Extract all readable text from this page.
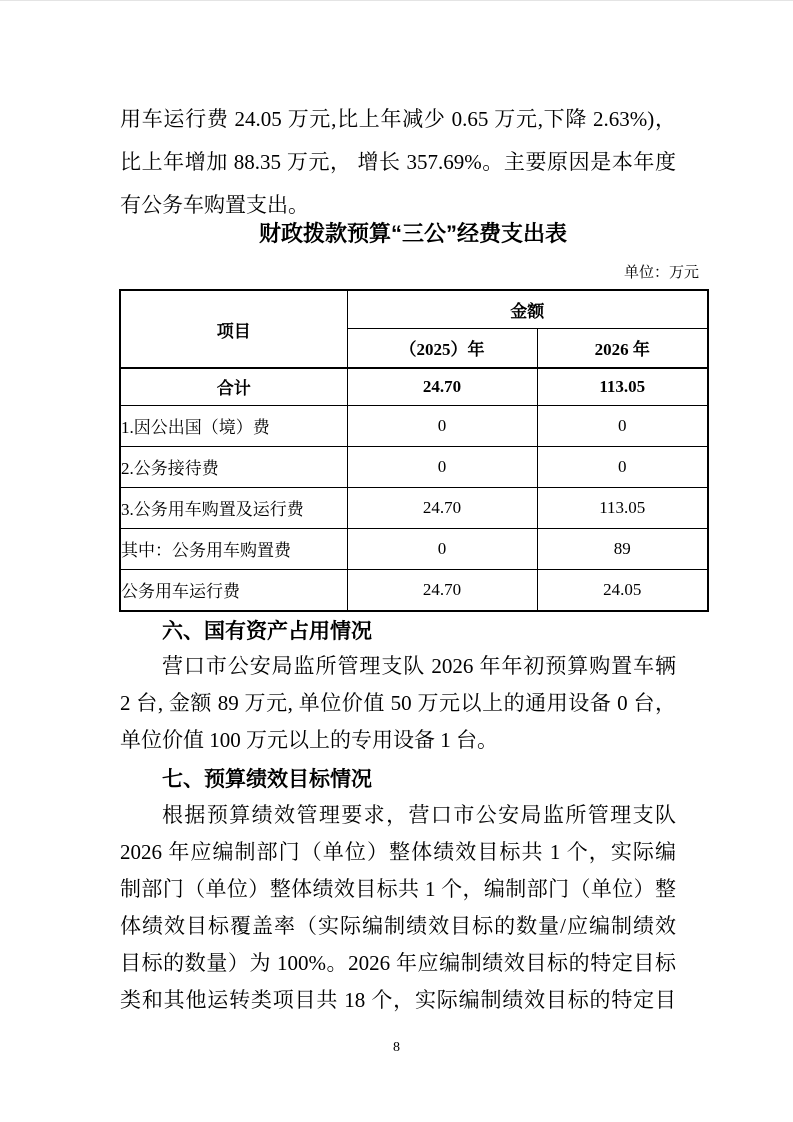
用车运行费 24.05 万元,比上年减少 0.65 万元,下降 2.63%)，
比上年增加 88.35 万元， 增长 357.69%。主要原因是本年度
有公务车购置支出。
财政拨款预算“三公”经费支出表
单位：万元
项目	金额	
	（2025）年	2026 年
合计	24.70	113.05
1.因公出国（境）费	0	0
2.公务接待费	0	0
3.公务用车购置及运行费	24.70	113.05
其中：公务用车购置费	0	89
公务用车运行费	24.70	24.05
六、国有资产占用情况
营口市公安局监所管理支队 2026 年年初预算购置车辆
2 台, 金额 89 万元, 单位价值 50 万元以上的通用设备 0 台，
单位价值 100 万元以上的专用设备 1 台。
七、预算绩效目标情况
根据预算绩效管理要求，营口市公安局监所管理支队
2026 年应编制部门（单位）整体绩效目标共 1 个，实际编
制部门（单位）整体绩效目标共 1 个，编制部门（单位）整
体绩效目标覆盖率（实际编制绩效目标的数量/应编制绩效
目标的数量）为 100%。2026 年应编制绩效目标的特定目标
类和其他运转类项目共 18 个，实际编制绩效目标的特定目
8
